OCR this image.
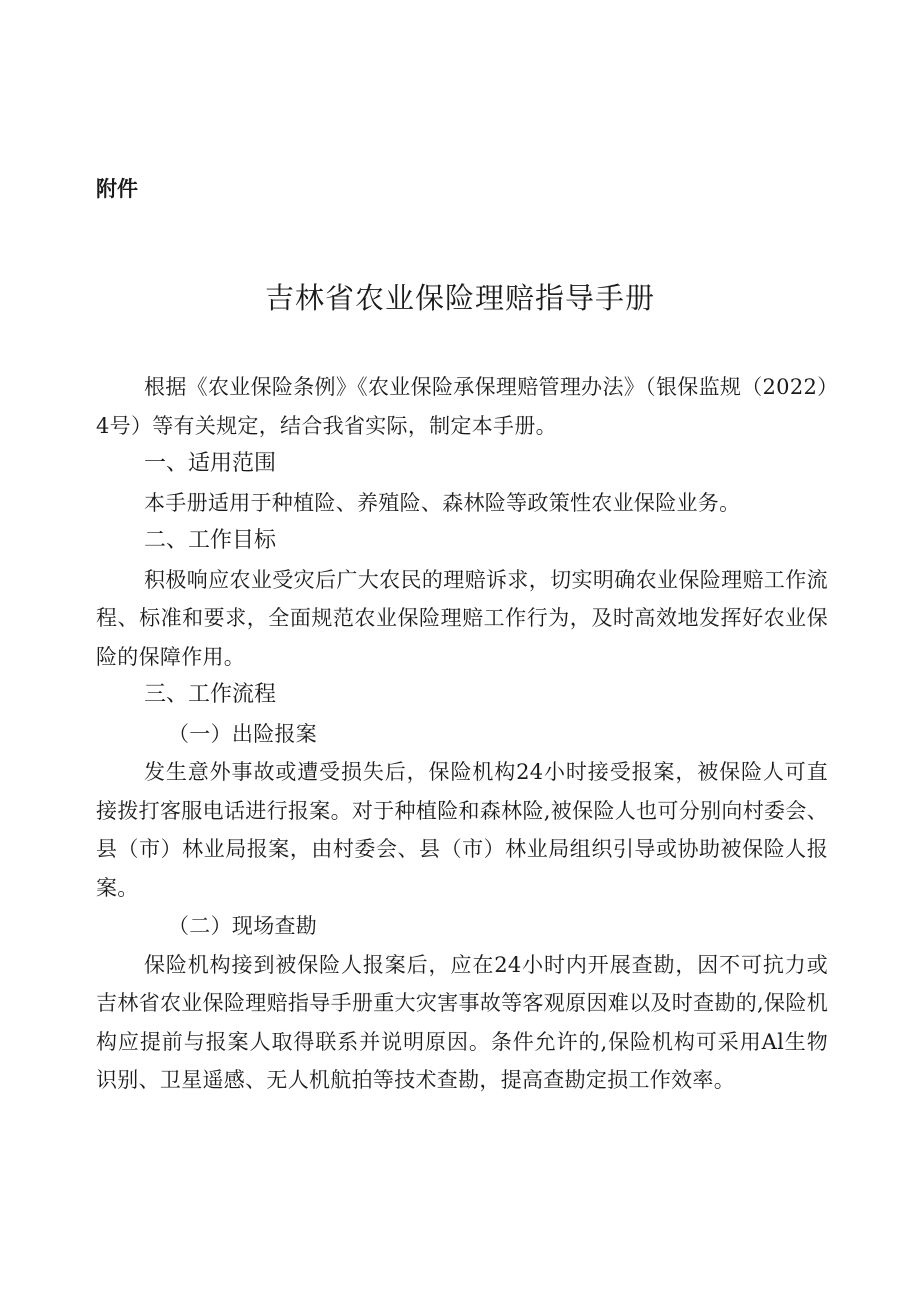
附件
吉林省农业保险理赔指导手册

根据《农业保险条例》《农业保险承保理赔管理办法》（银保监规（2022）4号）等有关规定，结合我省实际，制定本手册。

一、适用范围

本手册适用于种植险、养殖险、森林险等政策性农业保险业务。

二、工作目标

积极响应农业受灾后广大农民的理赔诉求，切实明确农业保险理赔工作流程、标准和要求，全面规范农业保险理赔工作行为，及时高效地发挥好农业保险的保障作用。

三、工作流程

（一）出险报案

发生意外事故或遭受损失后，保险机构24小时接受报案，被保险人可直接拨打客服电话进行报案。对于种植险和森林险,被保险人也可分别向村委会、县（市）林业局报案，由村委会、县（市）林业局组织引导或协助被保险人报案。

（二）现场查勘

保险机构接到被保险人报案后，应在24小时内开展查勘，因不可抗力或吉林省农业保险理赔指导手册重大灾害事故等客观原因难以及时查勘的,保险机构应提前与报案人取得联系并说明原因。条件允许的,保险机构可采用Al生物识别、卫星遥感、无人机航拍等技术查勘，提高查勘定损工作效率。
